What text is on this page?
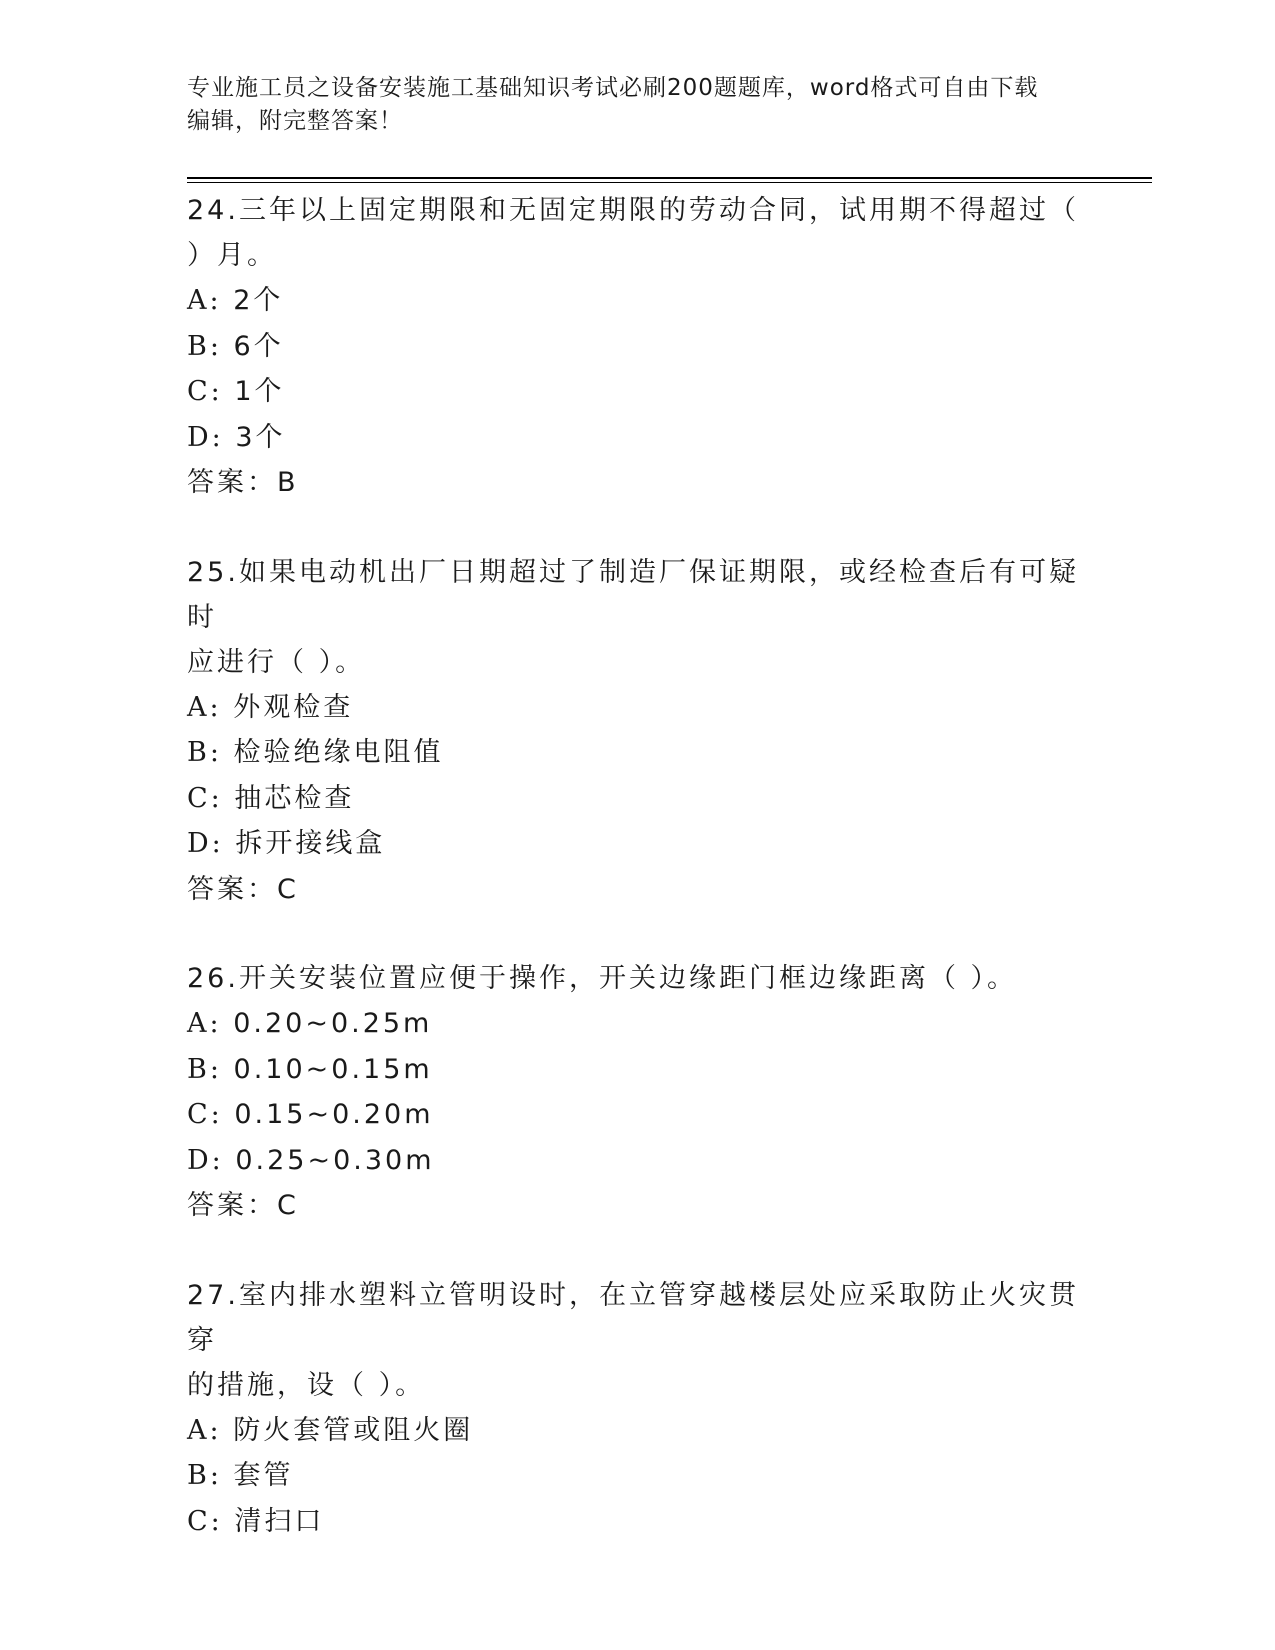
专业施工员之设备安装施工基础知识考试必刷200题题库，word格式可自由下载
编辑，附完整答案！

24.三年以上固定期限和无固定期限的劳动合同，试用期不得超过（

）月。

A: 2个

B: 6个

C: 1个

D: 3个

答案：B

25.如果电动机出厂日期超过了制造厂保证期限，或经检查后有可疑时

应进行（ ）。

A: 外观检查

B: 检验绝缘电阻值

C: 抽芯检查

D: 拆开接线盒

答案：C

26.开关安装位置应便于操作，开关边缘距门框边缘距离（ ）。

A: 0.20~0.25m

B: 0.10~0.15m

C: 0.15~0.20m

D: 0.25~0.30m

答案：C

27.室内排水塑料立管明设时，在立管穿越楼层处应采取防止火灾贯穿

的措施，设（ ）。

A: 防火套管或阻火圈

B: 套管

C: 清扫口
